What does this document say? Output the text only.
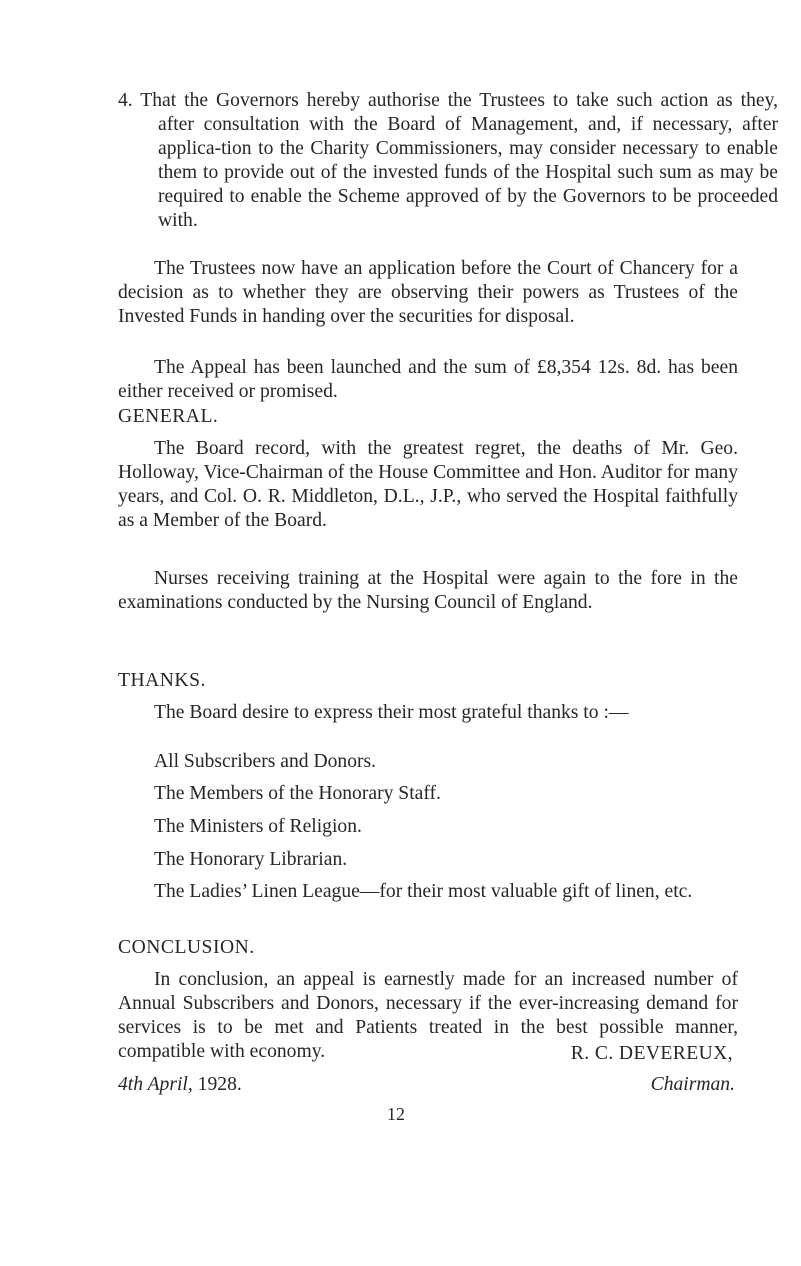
4. That the Governors hereby authorise the Trustees to take such action as they, after consultation with the Board of Management, and, if necessary, after applica-tion to the Charity Commissioners, may consider necessary to enable them to provide out of the invested funds of the Hospital such sum as may be required to enable the Scheme approved of by the Governors to be proceeded with.

The Trustees now have an application before the Court of Chancery for a decision as to whether they are observing their powers as Trustees of the Invested Funds in handing over the securities for disposal.

The Appeal has been launched and the sum of £8,354 12s. 8d. has been either received or promised.

GENERAL.

The Board record, with the greatest regret, the deaths of Mr. Geo. Holloway, Vice-Chairman of the House Committee and Hon. Auditor for many years, and Col. O. R. Middleton, D.L., J.P., who served the Hospital faithfully as a Member of the Board.

Nurses receiving training at the Hospital were again to the fore in the examinations conducted by the Nursing Council of England.

THANKS.

The Board desire to express their most grateful thanks to :—

All Subscribers and Donors.

The Members of the Honorary Staff.

The Ministers of Religion.

The Honorary Librarian.

The Ladies’ Linen League—for their most valuable gift of linen, etc.

CONCLUSION.

In conclusion, an appeal is earnestly made for an increased number of Annual Subscribers and Donors, necessary if the ever-increasing demand for services is to be met and Patients treated in the best possible manner, compatible with economy.	R. C. DEVEREUX,

Chairman.

4th April, 1928.

12
